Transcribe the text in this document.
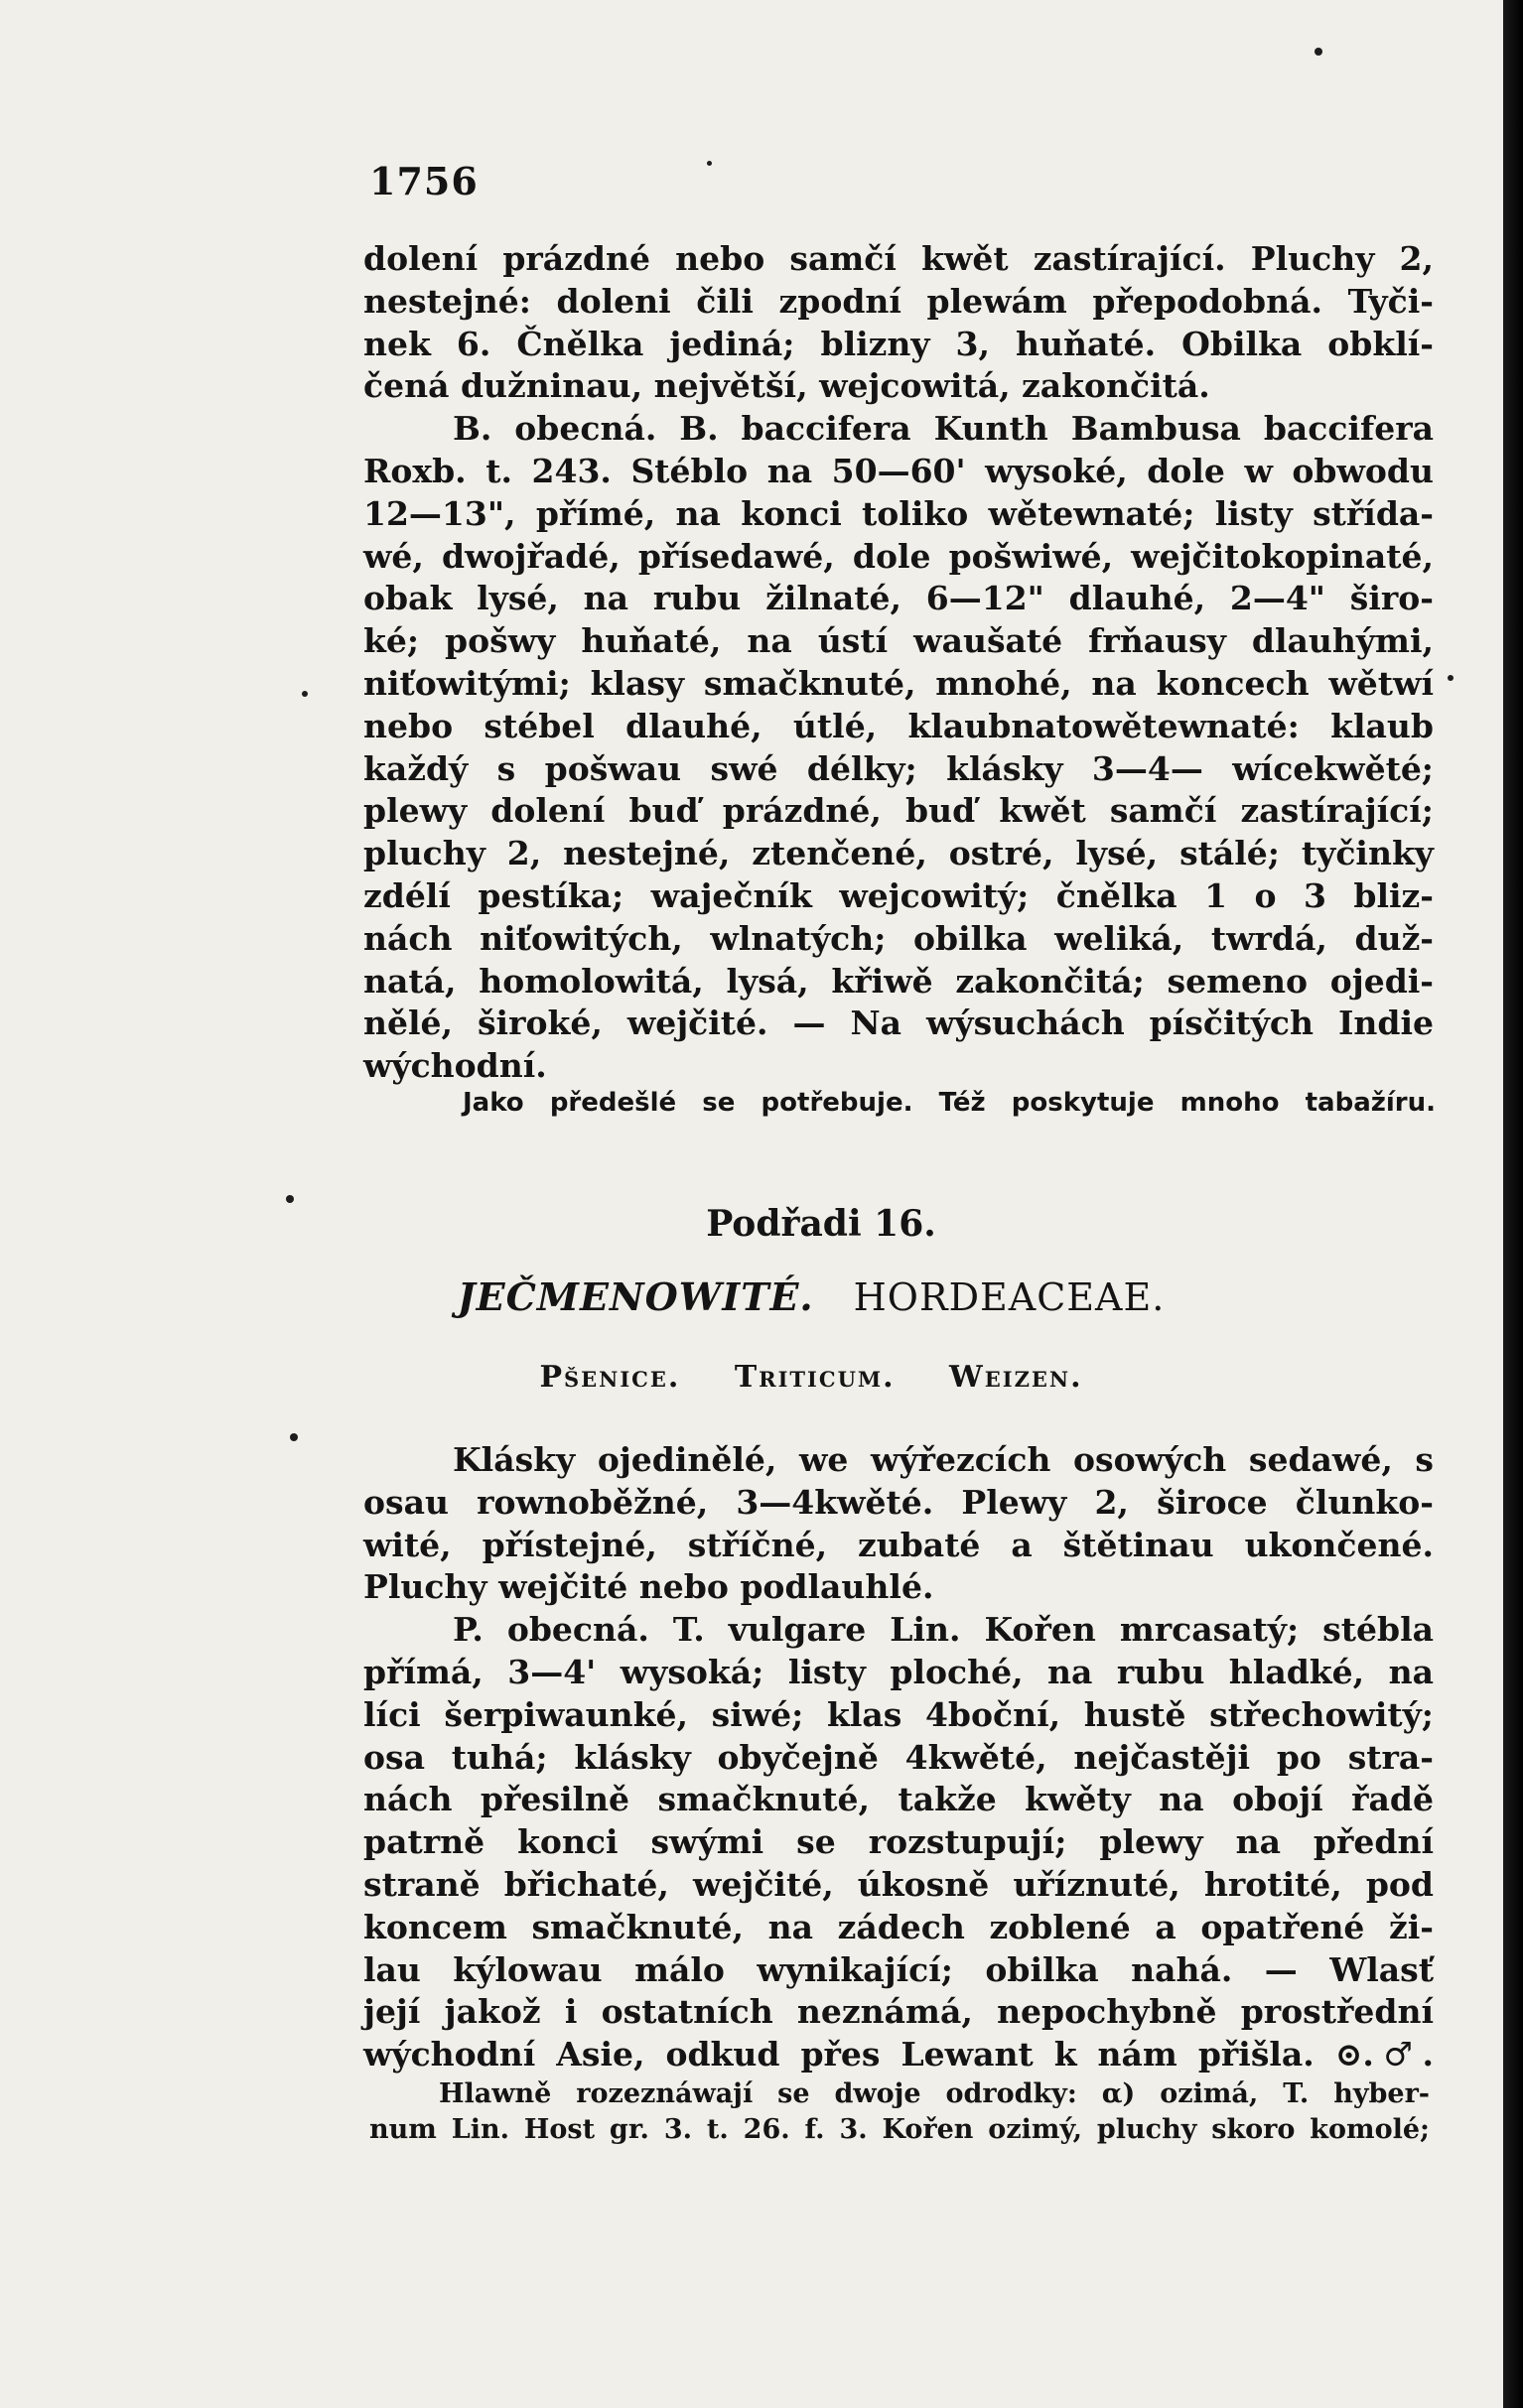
1756
dolení prázdné nebo samčí kwět zastírající. Pluchy 2,
nestejné: doleni čili zpodní plewám přepodobná. Tyči-
nek 6. Čnělka jediná; blizny 3, huňaté. Obilka obklí-
čená dužninau, největší, wejcowitá, zakončitá.
B. obecná. B. baccifera Kunth Bambusa baccifera
Roxb. t. 243. Stéblo na 50—60' wysoké, dole w obwodu
12—13", přímé, na konci toliko wětewnaté; listy střída-
wé, dwojřadé, přísedawé, dole pošwiwé, wejčitokopinaté,
obak lysé, na rubu žilnaté, 6—12" dlauhé, 2—4" širo-
ké; pošwy huňaté, na ústí waušaté frňausy dlauhými,
niťowitými; klasy smačknuté, mnohé, na koncech wětwí
nebo stébel dlauhé, útlé, klaubnatowětewnaté: klaub
každý s pošwau swé délky; klásky 3—4— wícekwěté;
plewy dolení buď prázdné, buď kwět samčí zastírající;
pluchy 2, nestejné, ztenčené, ostré, lysé, stálé; tyčinky
zdélí pestíka; waječník wejcowitý; čnělka 1 o 3 bliz-
nách niťowitých, wlnatých; obilka weliká, twrdá, duž-
natá, homolowitá, lysá, křiwě zakončitá; semeno ojedi-
nělé, široké, wejčité. — Na wýsuchách písčitých Indie
wýchodní.
Jako předešlé se potřebuje. Též poskytuje mnoho tabažíru.
Podřadi 16.
JEČMENOWITÉ. HORDEACEAE.
Pšenice. Triticum. Weizen.
Klásky ojedinělé, we wýřezcích osowých sedawé, s
osau rownoběžné, 3—4kwěté. Plewy 2, široce člunko-
wité, přístejné, stříčné, zubaté a štětinau ukončené.
Pluchy wejčité nebo podlauhlé.
P. obecná. T. vulgare Lin. Kořen mrcasatý; stébla
přímá, 3—4' wysoká; listy ploché, na rubu hladké, na
líci šerpiwaunké, siwé; klas 4boční, hustě střechowitý;
osa tuhá; klásky obyčejně 4kwěté, nejčastěji po stra-
nách přesilně smačknuté, takže kwěty na obojí řadě
patrně konci swými se rozstupují; plewy na přední
straně břichaté, wejčité, úkosně uříznuté, hrotité, pod
koncem smačknuté, na zádech zoblené a opatřené ži-
lau kýlowau málo wynikající; obilka nahá. — Wlasť
její jakož i ostatních neznámá, nepochybně prostřední
wýchodní Asie, odkud přes Lewant k nám přišla. ⊙.♂.
Hlawně rozeznáwají se dwoje odrodky: α) ozimá, T. hyber-
num Lin. Host gr. 3. t. 26. f. 3. Kořen ozimý, pluchy skoro komolé;
